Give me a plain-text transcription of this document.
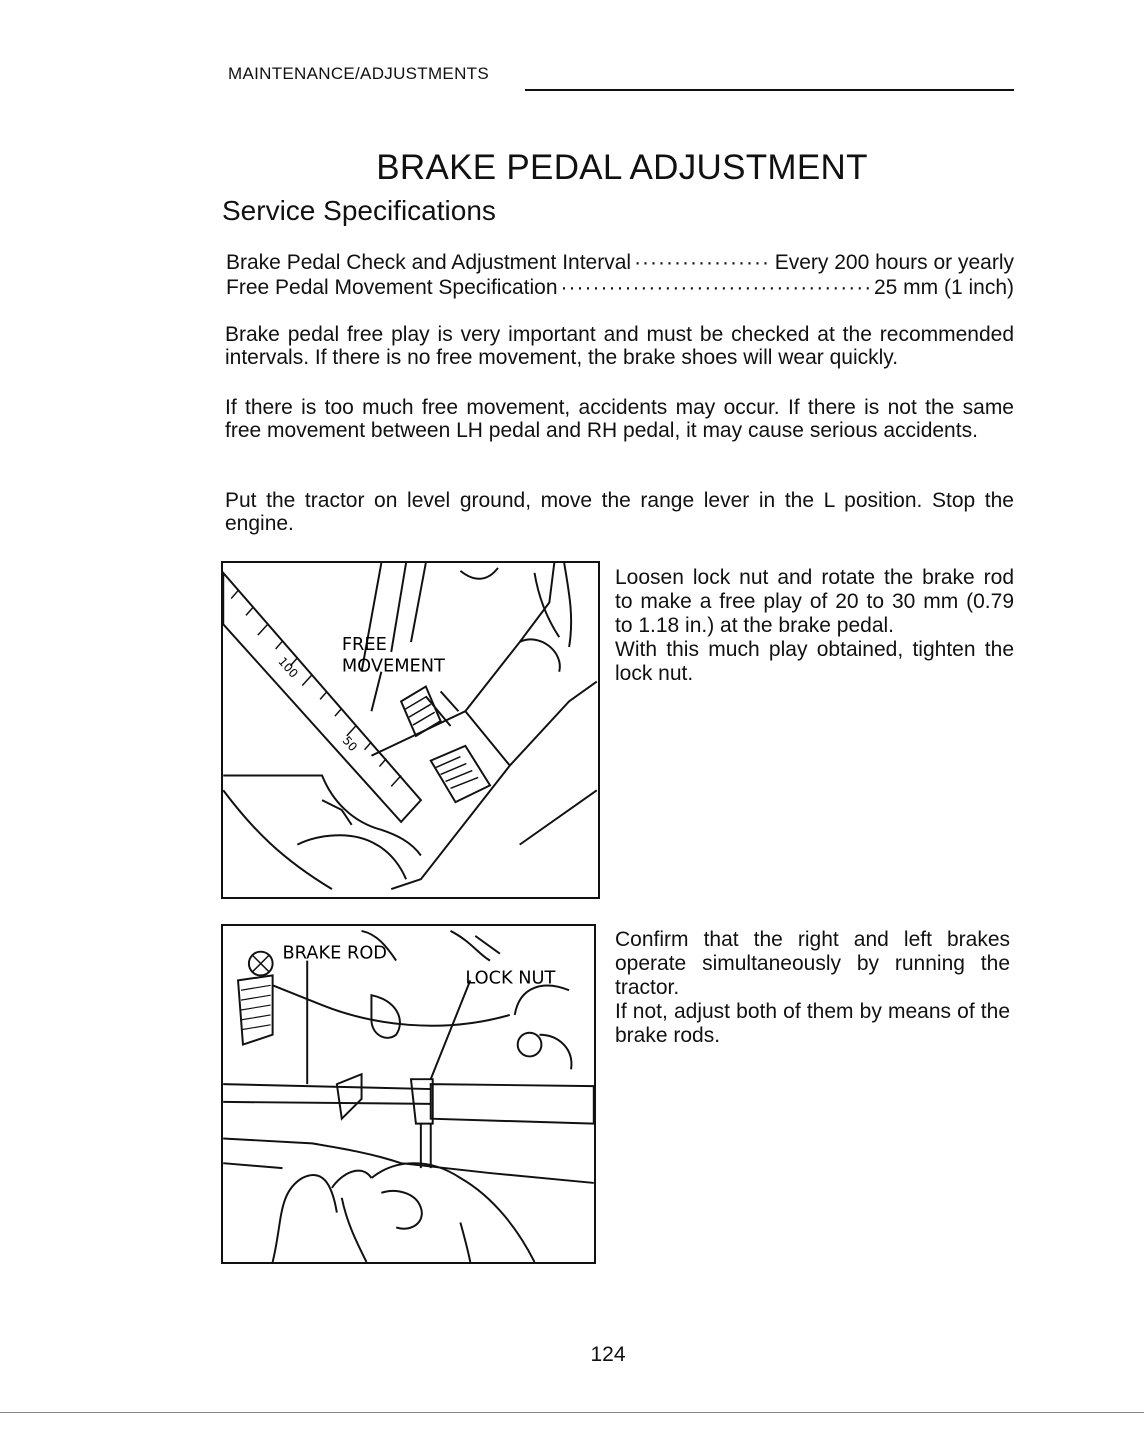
MAINTENANCE/ADJUSTMENTS
BRAKE PEDAL ADJUSTMENT
Service Specifications
Brake Pedal Check and Adjustment Interval ·····	Every 200 hours or yearly
Free Pedal Movement Specification ·····	25 mm (1 inch)

Brake pedal free play is very important and must be checked at the recommended intervals. If there is no free movement, the brake shoes will wear quickly.

If there is too much free movement, accidents may occur. If there is not the same free movement between LH pedal and RH pedal, it may cause serious accidents.

Put the tractor on level ground, move the range lever in the L position. Stop the engine.

FREE
MOVEMENT
100
50

Loosen lock nut and rotate the brake rod to make a free play of 20 to 30 mm (0.79 to 1.18 in.) at the brake pedal.

With this much play obtained, tighten the lock nut.

BRAKE ROD
LOCK NUT

Confirm that the right and left brakes operate simultaneously by running the tractor.

If not, adjust both of them by means of the brake rods.

124
